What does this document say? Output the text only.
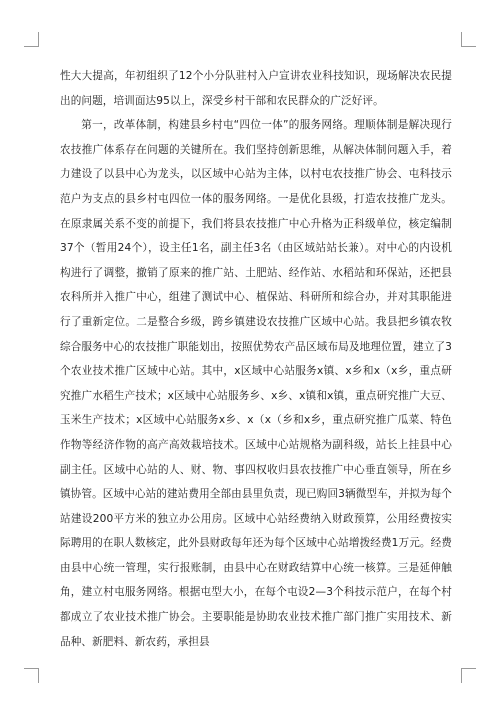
性大大提高，年初组织了12个小分队驻村入户宣讲农业科技知识，现场解决农民提出的问题，培训面达95以上，深受乡村干部和农民群众的广泛好评。

第一，改革体制，构建县乡村屯“四位一体”的服务网络。理顺体制是解决现行农技推广体系存在问题的关键所在。我们坚持创新思维，从解决体制问题入手，着力建设了以县中心为龙头，以区域中心站为主体，以村屯农技推广协会、屯科技示范户为支点的县乡村屯四位一体的服务网络。一是优化县级，打造农技推广龙头。在原隶属关系不变的前提下，我们将县农技推广中心升格为正科级单位，核定编制37个（暂用24个），设主任1名，副主任3名（由区域站站长兼）。对中心的内设机构进行了调整，撤销了原来的推广站、土肥站、经作站、水稻站和环保站，还把县农科所并入推广中心，组建了测试中心、植保站、科研所和综合办，并对其职能进行了重新定位。二是整合乡级，跨乡镇建设农技推广区域中心站。我县把乡镇农牧综合服务中心的农技推广职能划出，按照优势农产品区域布局及地理位置，建立了3个农业技术推广区域中心站。其中，x区域中心站服务x镇、x乡和x（x乡，重点研究推广水稻生产技术；x区域中心站服务乡、x乡、x镇和x镇，重点研究推广大豆、玉米生产技术；x区域中心站服务x乡、x（x（乡和x乡，重点研究推广瓜菜、特色作物等经济作物的高产高效栽培技术。区域中心站规格为副科级，站长上挂县中心副主任。区域中心站的人、财、物、事四权收归县农技推广中心垂直领导，所在乡镇协管。区域中心站的建站费用全部由县里负责，现已购回3辆微型车，并拟为每个站建设200平方米的独立办公用房。区域中心站经费纳入财政预算，公用经费按实际聘用的在职人数核定，此外县财政每年还为每个区域中心站增拨经费1万元。经费由县中心统一管理，实行报账制，由县中心在财政结算中心统一核算。三是延伸触角，建立村屯服务网络。根据屯型大小，在每个屯设2—3个科技示范户，在每个村都成立了农业技术推广协会。主要职能是协助农业技术推广部门推广实用技术、新品种、新肥料、新农药，承担县
